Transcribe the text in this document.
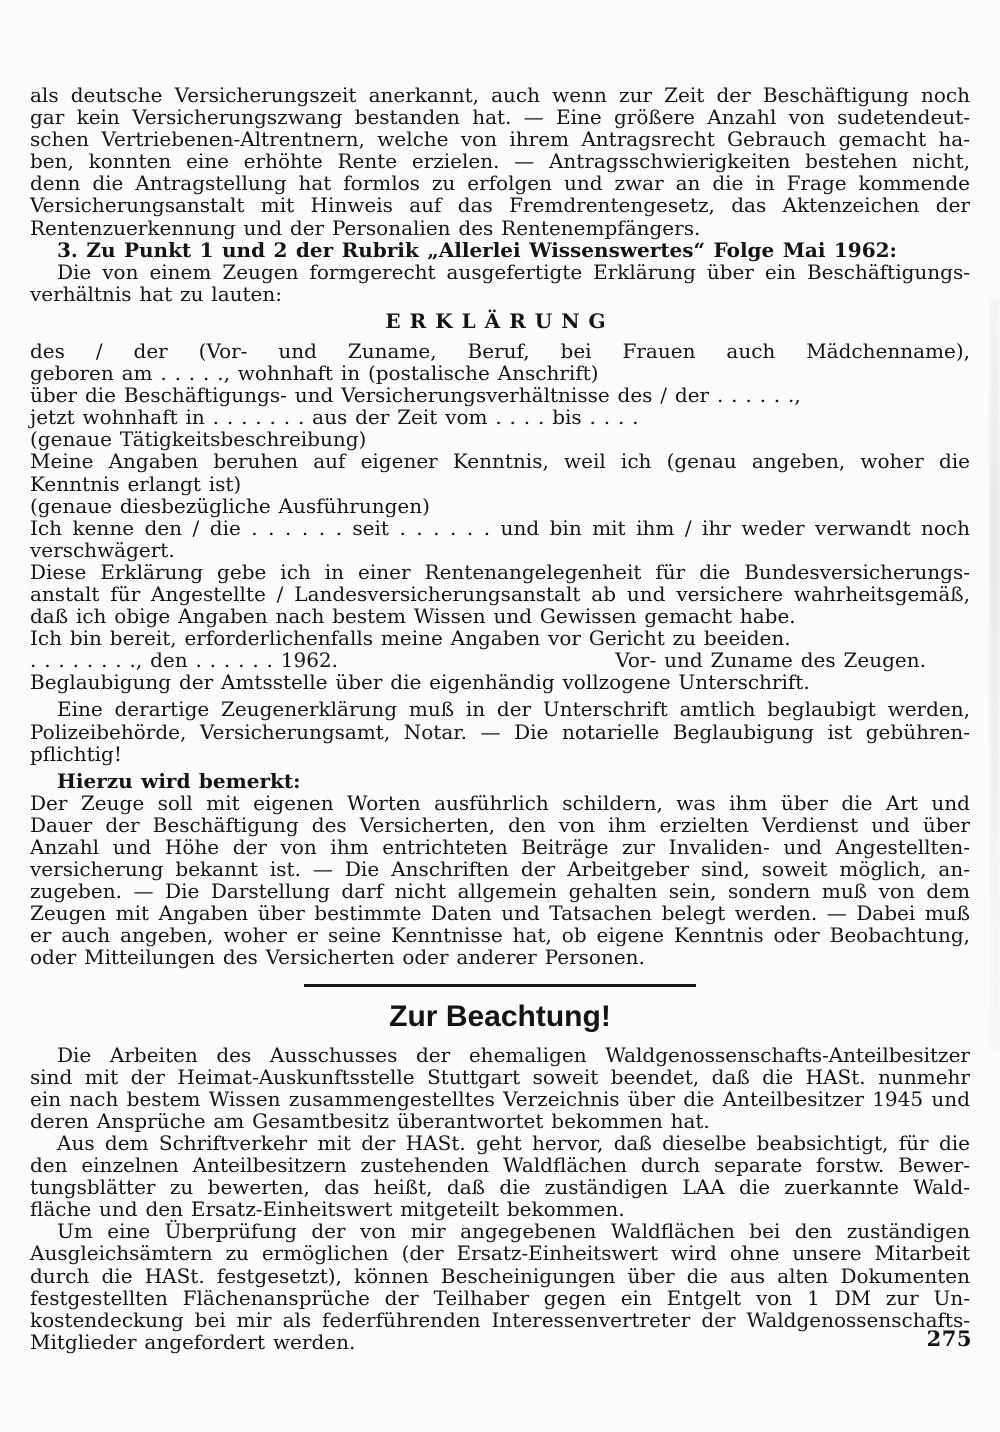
als deutsche Versicherungszeit anerkannt, auch wenn zur Zeit der Beschäftigung noch
gar kein Versicherungszwang bestanden hat. — Eine größere Anzahl von sudetendeut-
schen Vertriebenen-Altrentnern, welche von ihrem Antragsrecht Gebrauch gemacht ha-
ben, konnten eine erhöhte Rente erzielen. — Antragsschwierigkeiten bestehen nicht,
denn die Antragstellung hat formlos zu erfolgen und zwar an die in Frage kommende
Versicherungsanstalt mit Hinweis auf das Fremdrentengesetz, das Aktenzeichen der
Rentenzuerkennung und der Personalien des Rentenempfängers.
3. Zu Punkt 1 und 2 der Rubrik „Allerlei Wissenswertes“ Folge Mai 1962:
Die von einem Zeugen formgerecht ausgefertigte Erklärung über ein Beschäftigungs-
verhältnis hat zu lauten:
ERKLÄRUNG
des / der (Vor- und Zuname, Beruf, bei Frauen auch Mädchenname),
geboren am . . . . ., wohnhaft in (postalische Anschrift)
über die Beschäftigungs- und Versicherungsverhältnisse des / der . . . . . .,
jetzt wohnhaft in . . . . . . . aus der Zeit vom . . . . bis . . . .
(genaue Tätigkeitsbeschreibung)
Meine Angaben beruhen auf eigener Kenntnis, weil ich (genau angeben, woher die
Kenntnis erlangt ist)
(genaue diesbezügliche Ausführungen)
Ich kenne den / die . . . . . . seit . . . . . . und bin mit ihm / ihr weder verwandt noch
verschwägert.
Diese Erklärung gebe ich in einer Rentenangelegenheit für die Bundesversicherungs-
anstalt für Angestellte / Landesversicherungsanstalt ab und versichere wahrheitsgemäß,
daß ich obige Angaben nach bestem Wissen und Gewissen gemacht habe.
Ich bin bereit, erforderlichenfalls meine Angaben vor Gericht zu beeiden.
. . . . . . . ., den . . . . . . 1962.	Vor- und Zuname des Zeugen.
Beglaubigung der Amtsstelle über die eigenhändig vollzogene Unterschrift.
Eine derartige Zeugenerklärung muß in der Unterschrift amtlich beglaubigt werden,
Polizeibehörde, Versicherungsamt, Notar. — Die notarielle Beglaubigung ist gebühren-
pflichtig!
Hierzu wird bemerkt:
Der Zeuge soll mit eigenen Worten ausführlich schildern, was ihm über die Art und
Dauer der Beschäftigung des Versicherten, den von ihm erzielten Verdienst und über
Anzahl und Höhe der von ihm entrichteten Beiträge zur Invaliden- und Angestellten-
versicherung bekannt ist. — Die Anschriften der Arbeitgeber sind, soweit möglich, an-
zugeben. — Die Darstellung darf nicht allgemein gehalten sein, sondern muß von dem
Zeugen mit Angaben über bestimmte Daten und Tatsachen belegt werden. — Dabei muß
er auch angeben, woher er seine Kenntnisse hat, ob eigene Kenntnis oder Beobachtung,
oder Mitteilungen des Versicherten oder anderer Personen.
Zur Beachtung!
Die Arbeiten des Ausschusses der ehemaligen Waldgenossenschafts-Anteilbesitzer
sind mit der Heimat-Auskunftsstelle Stuttgart soweit beendet, daß die HASt. nunmehr
ein nach bestem Wissen zusammengestelltes Verzeichnis über die Anteilbesitzer 1945 und
deren Ansprüche am Gesamtbesitz überantwortet bekommen hat.
Aus dem Schriftverkehr mit der HASt. geht hervor, daß dieselbe beabsichtigt, für die
den einzelnen Anteilbesitzern zustehenden Waldflächen durch separate forstw. Bewer-
tungsblätter zu bewerten, das heißt, daß die zuständigen LAA die zuerkannte Wald-
fläche und den Ersatz-Einheitswert mitgeteilt bekommen.
Um eine Überprüfung der von mir angegebenen Waldflächen bei den zuständigen
Ausgleichsämtern zu ermöglichen (der Ersatz-Einheitswert wird ohne unsere Mitarbeit
durch die HASt. festgesetzt), können Bescheinigungen über die aus alten Dokumenten
festgestellten Flächenansprüche der Teilhaber gegen ein Entgelt von 1 DM zur Un-
kostendeckung bei mir als federführenden Interessenvertreter der Waldgenossenschafts-
Mitglieder angefordert werden.	275
